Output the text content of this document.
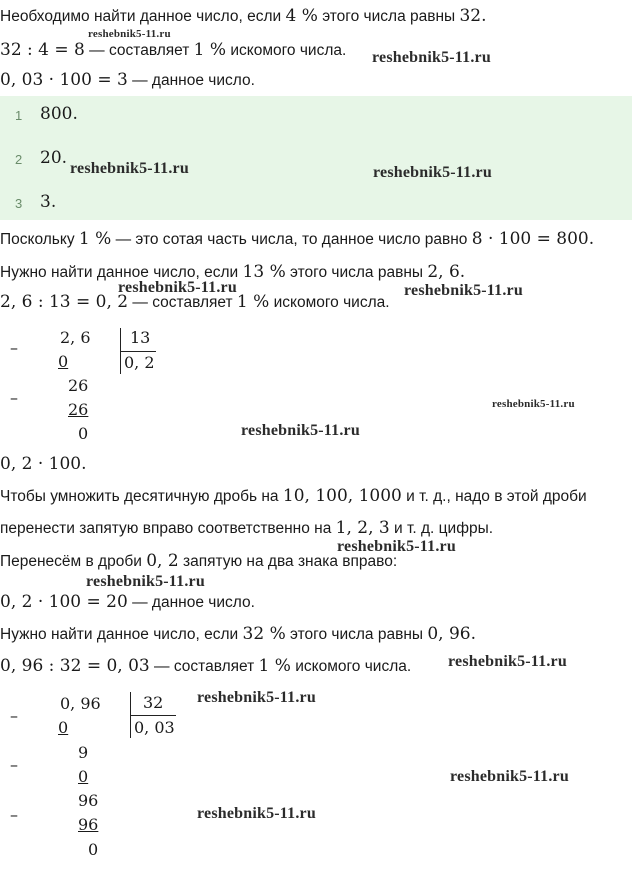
Необходимо найти данное число, если 4 % этого числа равны 32.
32 : 4 = 8 — составляет 1 % искомого числа.
0, 03 · 100 = 3 — данное число.
1 800.
2 20.
3 3.
Поскольку 1 % — это сотая часть числа, то данное число равно 8 · 100 = 800.
Нужно найти данное число, если 13 % этого числа равны 2, 6.
2, 6 : 13 = 0, 2 — составляет 1 % искомого числа.
–
2, 6
0
–
26
26
0
13
0, 2
0, 2 · 100.
Чтобы умножить десятичную дробь на 10, 100, 1000 и т. д., надо в этой дроби
перенести запятую вправо соответственно на 1, 2, 3 и т. д. цифры.
Перенесём в дроби 0, 2 запятую на два знака вправо:
0, 2 · 100 = 20 — данное число.
Нужно найти данное число, если 32 % этого числа равны 0, 96.
0, 96 : 32 = 0, 03 — составляет 1 % искомого числа.
–
0, 96
0
–
9
0
–
96
96
0
32
0, 03
reshebnik5-11.ru
reshebnik5-11.ru
reshebnik5-11.ru	reshebnik5-11.ru
reshebnik5-11.ru	reshebnik5-11.ru
reshebnik5-11.ru
reshebnik5-11.ru
reshebnik5-11.ru
reshebnik5-11.ru
reshebnik5-11.ru
reshebnik5-11.ru
reshebnik5-11.ru
reshebnik5-11.ru
